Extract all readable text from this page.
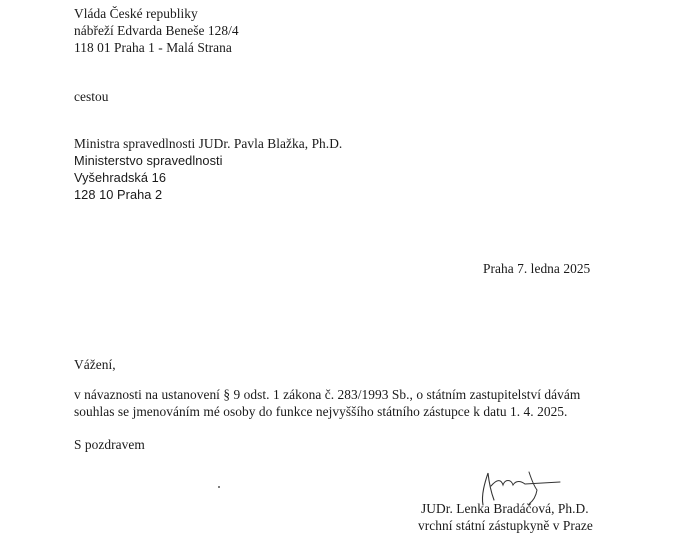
Vláda České republiky
nábřeží Edvarda Beneše 128/4
118 01 Praha 1 - Malá Strana
cestou
Ministra spravedlnosti JUDr. Pavla Blažka, Ph.D.
Ministerstvo spravedlnosti
Vyšehradská 16
128 10 Praha 2
Praha 7. ledna 2025
Vážení,
v návaznosti na ustanovení § 9 odst. 1 zákona č. 283/1993 Sb., o státním zastupitelství dávám
souhlas se jmenováním mé osoby do funkce nejvyššího státního zástupce k datu 1. 4. 2025.
S pozdravem
JUDr. Lenka Bradáčová, Ph.D.
vrchní státní zástupkyně v Praze
